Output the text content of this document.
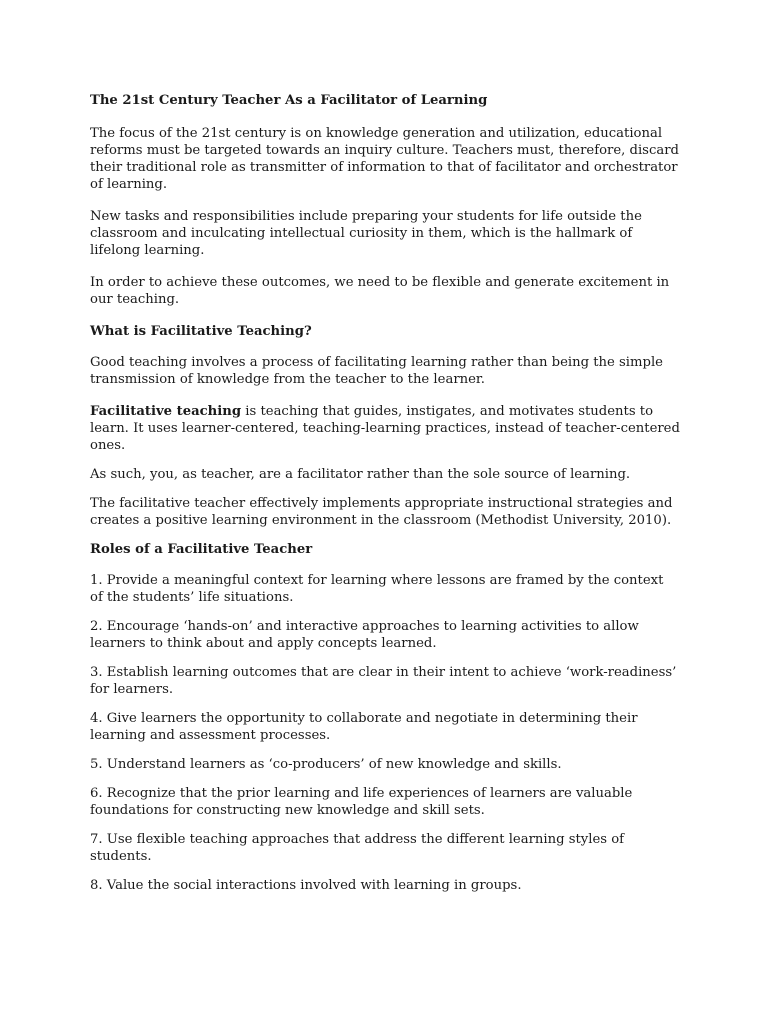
The 21st Century Teacher As a Facilitator of Learning

The focus of the 21st century is on knowledge generation and utilization, educational reforms must be targeted towards an inquiry culture. Teachers must, therefore, discard their traditional role as transmitter of information to that of facilitator and orchestrator of learning.

New tasks and responsibilities include preparing your students for life outside the classroom and inculcating intellectual curiosity in them, which is the hallmark of lifelong learning.

In order to achieve these outcomes, we need to be flexible and generate excitement in our teaching.

What is Facilitative Teaching?

Good teaching involves a process of facilitating learning rather than being the simple transmission of knowledge from the teacher to the learner.

Facilitative teaching is teaching that guides, instigates, and motivates students to learn. It uses learner-centered, teaching-learning practices, instead of teacher-centered ones.

As such, you, as teacher, are a facilitator rather than the sole source of learning.

The facilitative teacher effectively implements appropriate instructional strategies and creates a positive learning environment in the classroom (Methodist University, 2010).

Roles of a Facilitative Teacher

1. Provide a meaningful context for learning where lessons are framed by the context of the students’ life situations.
2. Encourage ‘hands-on’ and interactive approaches to learning activities to allow learners to think about and apply concepts learned.
3. Establish learning outcomes that are clear in their intent to achieve ‘work-readiness’ for learners.
4. Give learners the opportunity to collaborate and negotiate in determining their learning and assessment processes.
5. Understand learners as ‘co-producers’ of new knowledge and skills.
6. Recognize that the prior learning and life experiences of learners are valuable foundations for constructing new knowledge and skill sets.
7. Use flexible teaching approaches that address the different learning styles of students.
8. Value the social interactions involved with learning in groups.
